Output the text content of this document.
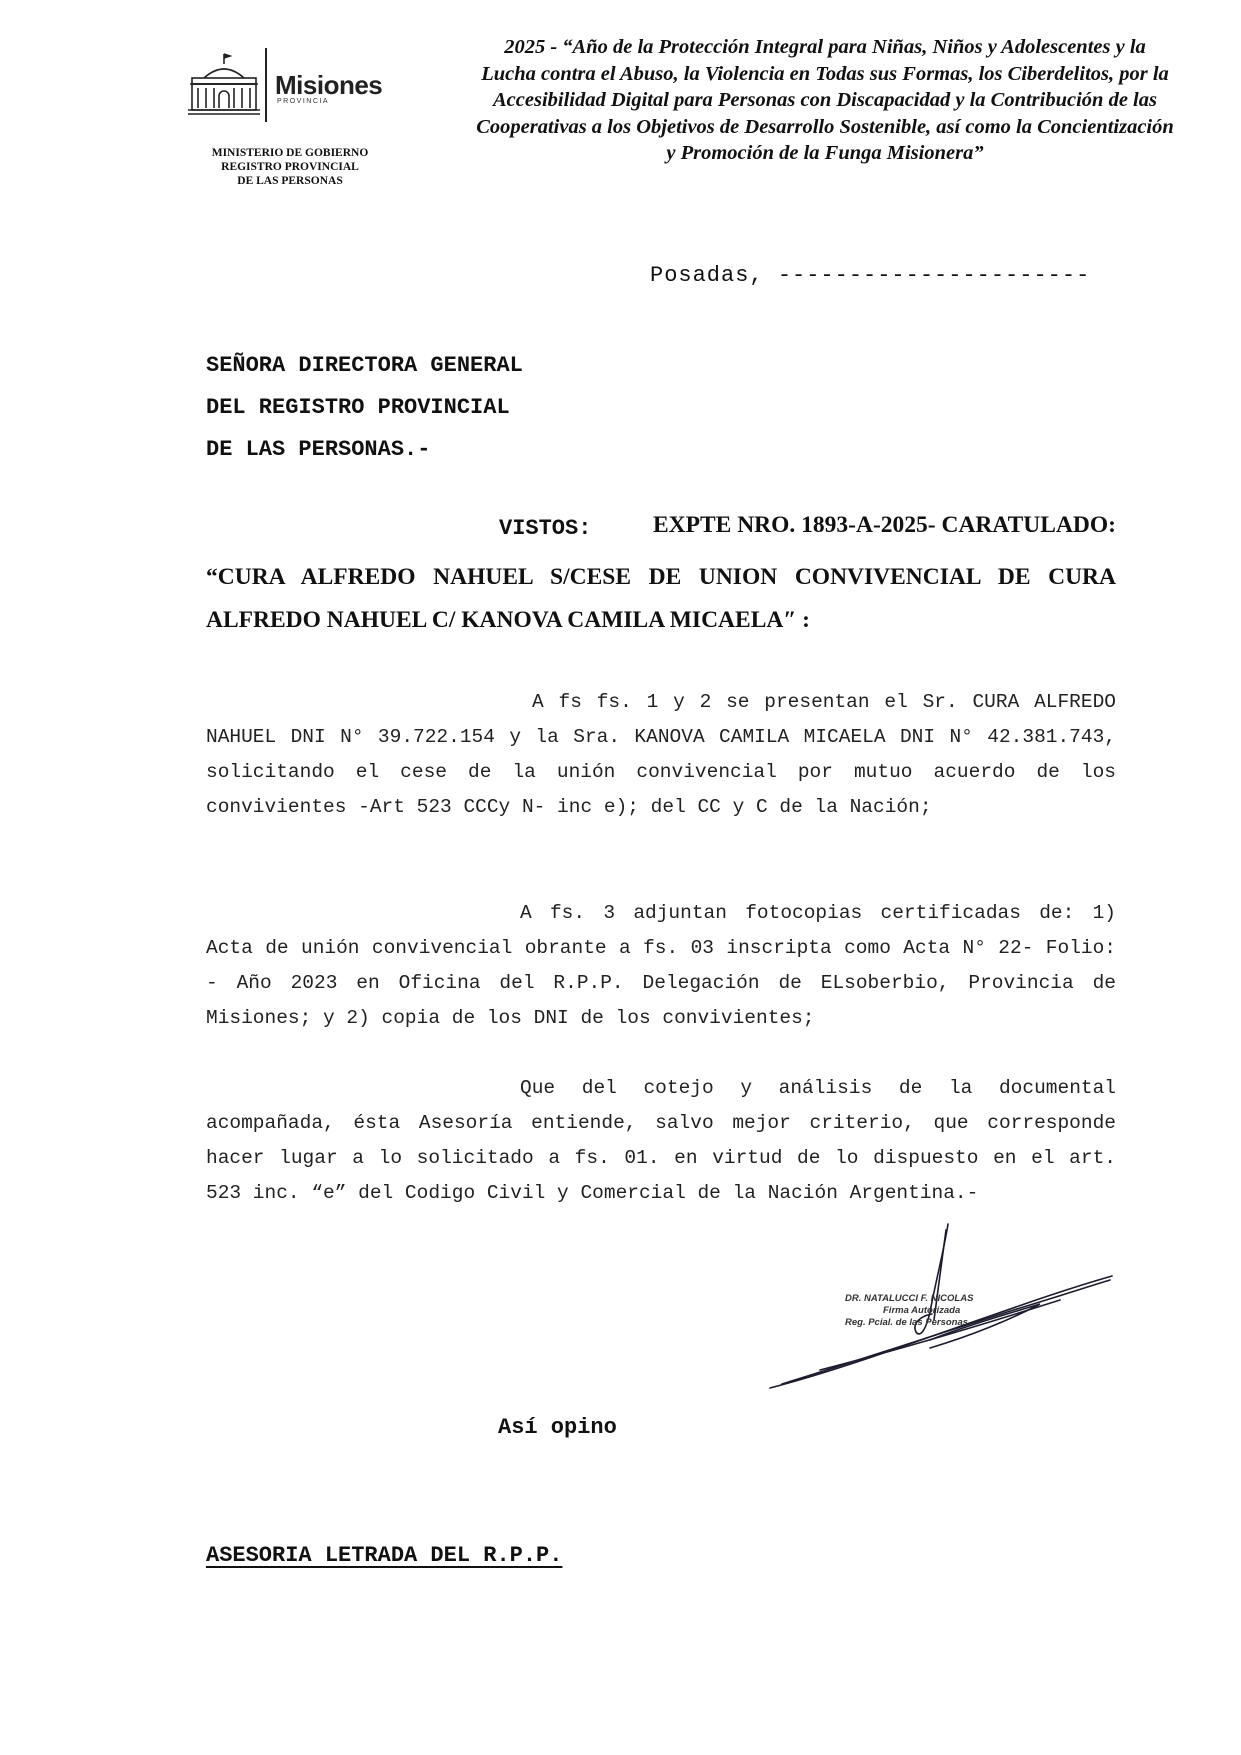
Misiones
PROVINCIA
MINISTERIO DE GOBIERNO
REGISTRO PROVINCIAL
DE LAS PERSONAS
2025 - “Año de la Protección Integral para Niñas, Niños y Adolescentes y la
Lucha contra el Abuso, la Violencia en Todas sus Formas, los Ciberdelitos, por la
Accesibilidad Digital para Personas con Discapacidad y la Contribución de las
Cooperativas a los Objetivos de Desarrollo Sostenible, así como la Concientización
y Promoción de la Funga Misionera”
Posadas, ----------------------
SEÑORA DIRECTORA GENERAL
DEL REGISTRO PROVINCIAL
DE LAS PERSONAS.-
VISTOS:	EXPTE NRO. 1893-A-2025- CARATULADO:
“CURA ALFREDO NAHUEL S/CESE DE UNION CONVIVENCIAL DE CURA ALFREDO NAHUEL C/ KANOVA CAMILA MICAELA″ :
A fs fs. 1 y 2 se presentan el Sr. CURA ALFREDO NAHUEL DNI N° 39.722.154 y la Sra. KANOVA CAMILA MICAELA DNI N° 42.381.743, solicitando el cese de la unión convivencial por mutuo acuerdo de los convivientes -Art 523 CCCy N- inc e); del CC y C de la Nación;
A fs. 3 adjuntan fotocopias certificadas de: 1) Acta de unión convivencial obrante a fs. 03 inscripta como Acta N° 22- Folio: - Año 2023 en Oficina del R.P.P. Delegación de ELsoberbio, Provincia de Misiones; y 2) copia de los DNI de los convivientes;
Que del cotejo y análisis de la documental acompañada, ésta Asesoría entiende, salvo mejor criterio, que corresponde hacer lugar a lo solicitado a fs. 01. en virtud de lo dispuesto en el art. 523 inc. “e” del Codigo Civil y Comercial de la Nación Argentina.-
DR. NATALUCCI F. NICOLAS
Firma Autorizada
Reg. Pcial. de las Personas
Así opino
ASESORIA LETRADA DEL R.P.P.
